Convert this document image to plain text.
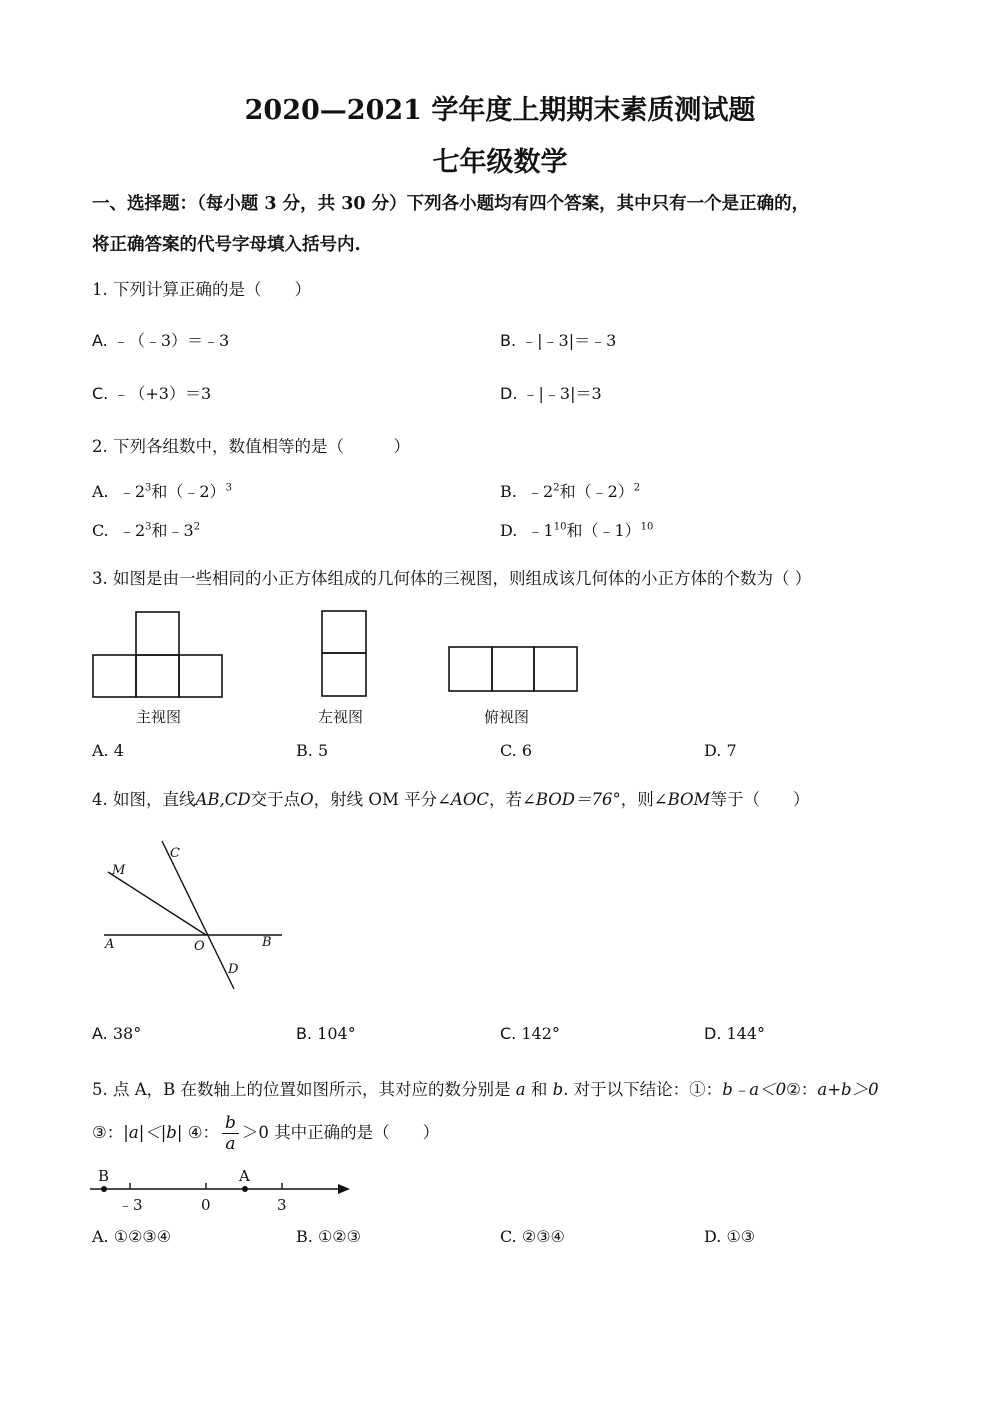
2020—2021 学年度上期期末素质测试题
七年级数学
一、选择题：（每小题 3 分，共 30 分）下列各小题均有四个答案，其中只有一个是正确的，
将正确答案的代号字母填入括号内.
1. 下列计算正确的是（　　）
A. ﹣（﹣3）＝﹣3	B. ﹣|﹣3|＝﹣3
C. ﹣（+3）＝3	D. ﹣|﹣3|＝3
2. 下列各组数中，数值相等的是（　　　）
A. $﹣2^3$和（﹣2）$^3$	B. $﹣2^2$和（﹣2）$^2$
C. $﹣2^3$和$﹣3^2$	D. $﹣1^{10}$和（﹣1）$^{10}$
3. 如图是由一些相同的小正方体组成的几何体的三视图，则组成该几何体的小正方体的个数为（ ）
主视图	左视图	俯视图
A. 4	B. 5	C. 6	D. 7
4. 如图，直线AB,CD交于点O，射线 OM 平分∠AOC，若∠BOD＝76°，则∠BOM等于（　　）
M
C
A	O	B
D
A. 38°	B. 104°	C. 142°	D. 144°
5. 点 A，B 在数轴上的位置如图所示，其对应的数分别是 a 和 b. 对于以下结论：①：b﹣a＜0②：a+b＞0
③：|a|＜|b| ④： $\frac{b}{a} >0$ 其中正确的是（　　）
B	A
﹣3	0	3
A. ①②③④	B. ①②③	C. ②③④	D. ①③
